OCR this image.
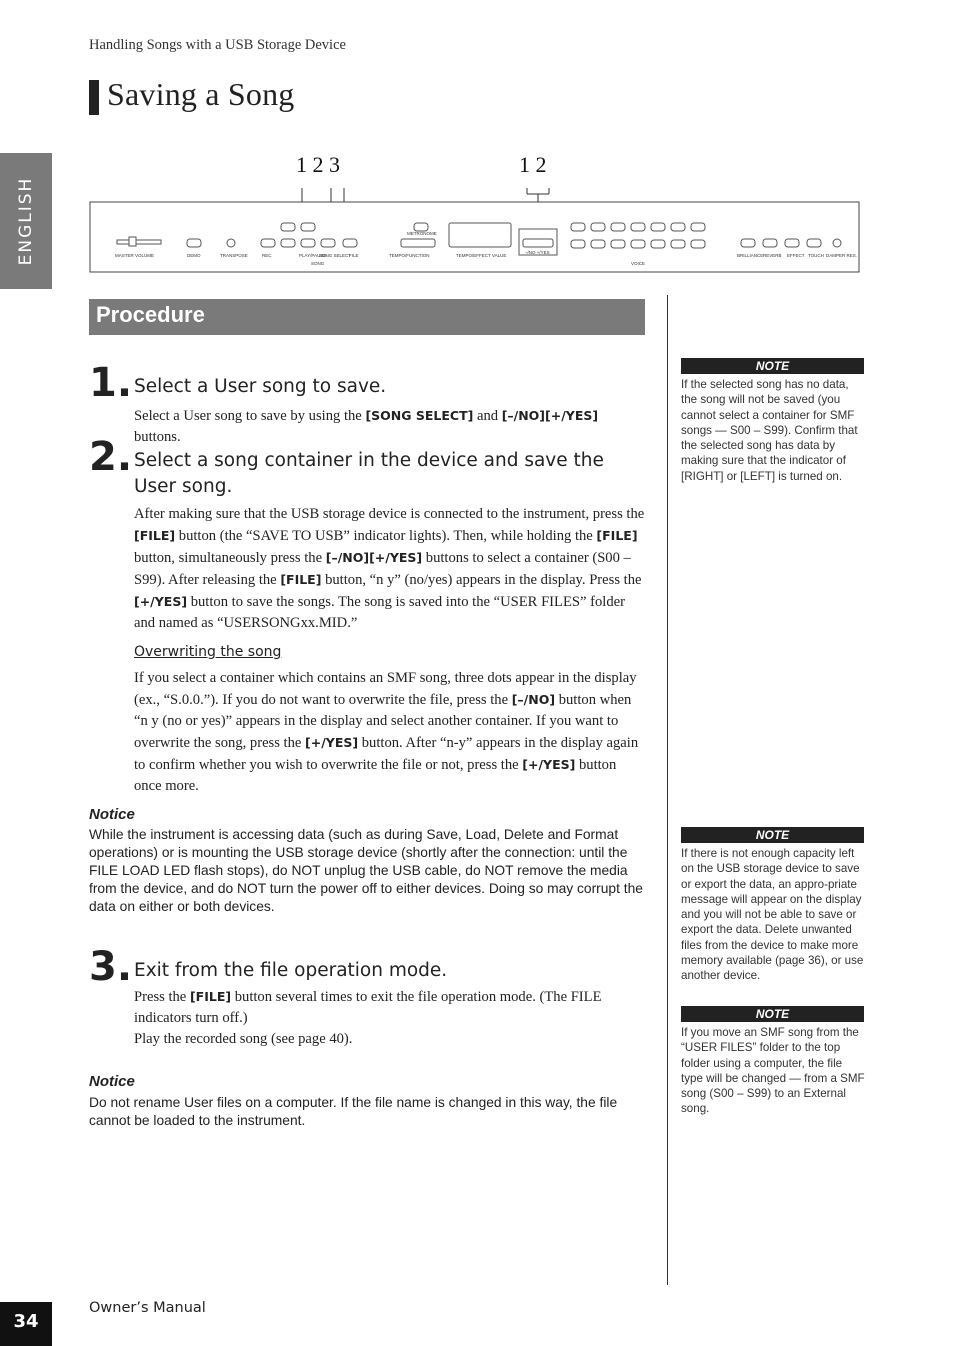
Handling Songs with a USB Storage Device
Saving a Song
ENGLISH
1 2 3	1 2
MASTER VOLUME	DEMO	TRANSPOSE	REC	PLAY/PAUSE
SONG
SONG SELECT
FILE
METRONOME
TEMPO/FUNCTION	TEMPO/EFFECT VALUE
–/NO +/YES
VOICE
BRILLIANCE REVERB EFFECT TOUCH DAMPER RES.
Procedure
1. Select a User song to save.
Select a User song to save by using the [SONG SELECT] and [–/NO][+/YES] buttons.
2. Select a song container in the device and save the User song.
After making sure that the USB storage device is connected to the instrument, press the [FILE] button (the “SAVE TO USB” indicator lights). Then, while holding the [FILE] button, simultaneously press the [–/NO][+/YES] buttons to select a container (S00 – S99). After releasing the [FILE] button, “n y” (no/yes) appears in the display. Press the [+/YES] button to save the songs. The song is saved into the “USER FILES” folder and named as “USERSONGxx.MID.”
Overwriting the song
If you select a container which contains an SMF song, three dots appear in the display (ex., “S.0.0.”). If you do not want to overwrite the file, press the [–/NO] button when “n y (no or yes)” appears in the display and select another container. If you want to overwrite the song, press the [+/YES] button. After “n-y” appears in the display again to confirm whether you wish to overwrite the file or not, press the [+/YES] button once more.
Notice
While the instrument is accessing data (such as during Save, Load, Delete and Format operations) or is mounting the USB storage device (shortly after the connection: until the FILE LOAD LED flash stops), do NOT unplug the USB cable, do NOT remove the media from the device, and do NOT turn the power off to either devices. Doing so may corrupt the data on either or both devices.
3. Exit from the file operation mode.
Press the [FILE] button several times to exit the file operation mode. (The FILE indicators turn off.)
Play the recorded song (see page 40).
Notice
Do not rename User files on a computer. If the file name is changed in this way, the file cannot be loaded to the instrument.
NOTE
If the selected song has no data, the song will not be saved (you cannot select a container for SMF songs — S00 – S99). Confirm that the selected song has data by making sure that the indicator of [RIGHT] or [LEFT] is turned on.
NOTE
If there is not enough capacity left on the USB storage device to save or export the data, an appro-priate message will appear on the display and you will not be able to save or export the data. Delete unwanted files from the device to make more memory available (page 36), or use another device.
NOTE
If you move an SMF song from the “USER FILES” folder to the top folder using a computer, the file type will be changed — from a SMF song (S00 – S99) to an External song.
34
Owner’s Manual
